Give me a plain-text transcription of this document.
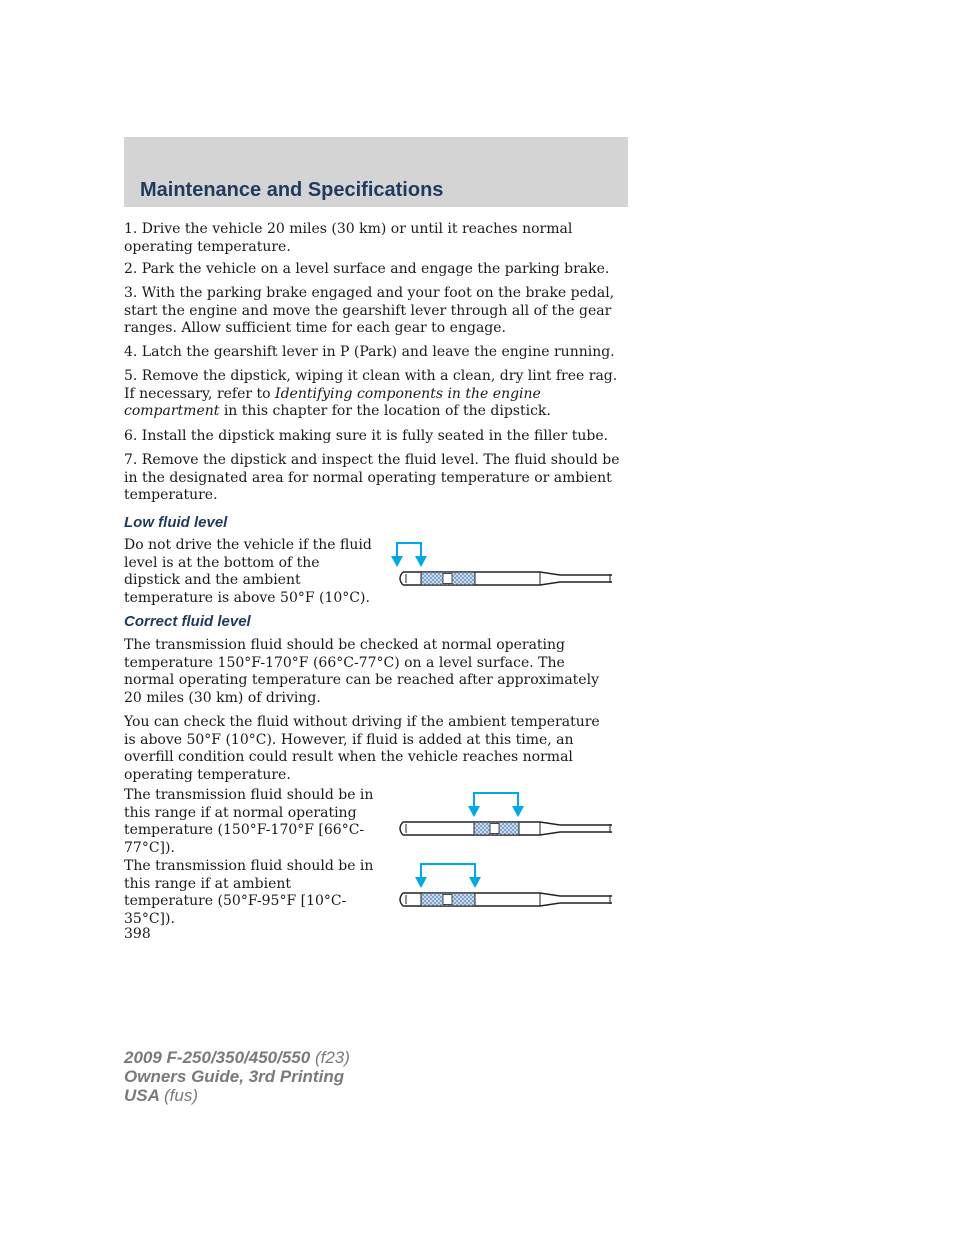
Maintenance and Specifications
1. Drive the vehicle 20 miles (30 km) or until it reaches normal operating temperature.
2. Park the vehicle on a level surface and engage the parking brake.
3. With the parking brake engaged and your foot on the brake pedal, start the engine and move the gearshift lever through all of the gear ranges. Allow sufficient time for each gear to engage.
4. Latch the gearshift lever in P (Park) and leave the engine running.
5. Remove the dipstick, wiping it clean with a clean, dry lint free rag. If necessary, refer to Identifying components in the engine compartment in this chapter for the location of the dipstick.
6. Install the dipstick making sure it is fully seated in the filler tube.
7. Remove the dipstick and inspect the fluid level. The fluid should be in the designated area for normal operating temperature or ambient temperature.
Low fluid level
Do not drive the vehicle if the fluid level is at the bottom of the dipstick and the ambient temperature is above 50°F (10°C).
Correct fluid level
The transmission fluid should be checked at normal operating temperature 150°F-170°F (66°C-77°C) on a level surface. The normal operating temperature can be reached after approximately 20 miles (30 km) of driving.
You can check the fluid without driving if the ambient temperature is above 50°F (10°C). However, if fluid is added at this time, an overfill condition could result when the vehicle reaches normal operating temperature.
The transmission fluid should be in this range if at normal operating temperature (150°F-170°F [66°C-77°C]).
The transmission fluid should be in this range if at ambient temperature (50°F-95°F [10°C-35°C]).
398
2009 F-250/350/450/550 (f23)
Owners Guide, 3rd Printing
USA (fus)
